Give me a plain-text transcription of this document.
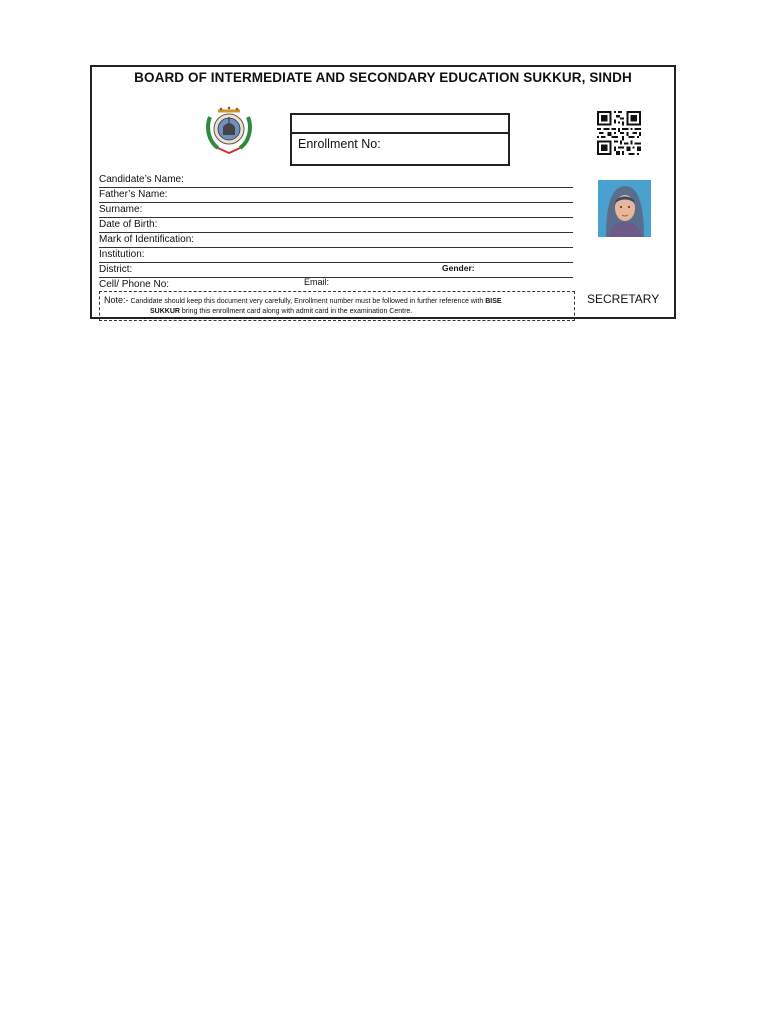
BOARD OF INTERMEDIATE AND SECONDARY EDUCATION SUKKUR, SINDH
Enrollment No:
Candidate’s Name:
Father’s Name:
Surname:
Date of Birth:
Mark of Identification:
Institution:
District:	Gender:
Cell/ Phone No:	Email:
Note:- Candidate should keep this document very carefully, Enrollment number must be followed in further reference with BISE
SUKKUR bring this enrollment card along with admit card in the examination Centre.
SECRETARY
